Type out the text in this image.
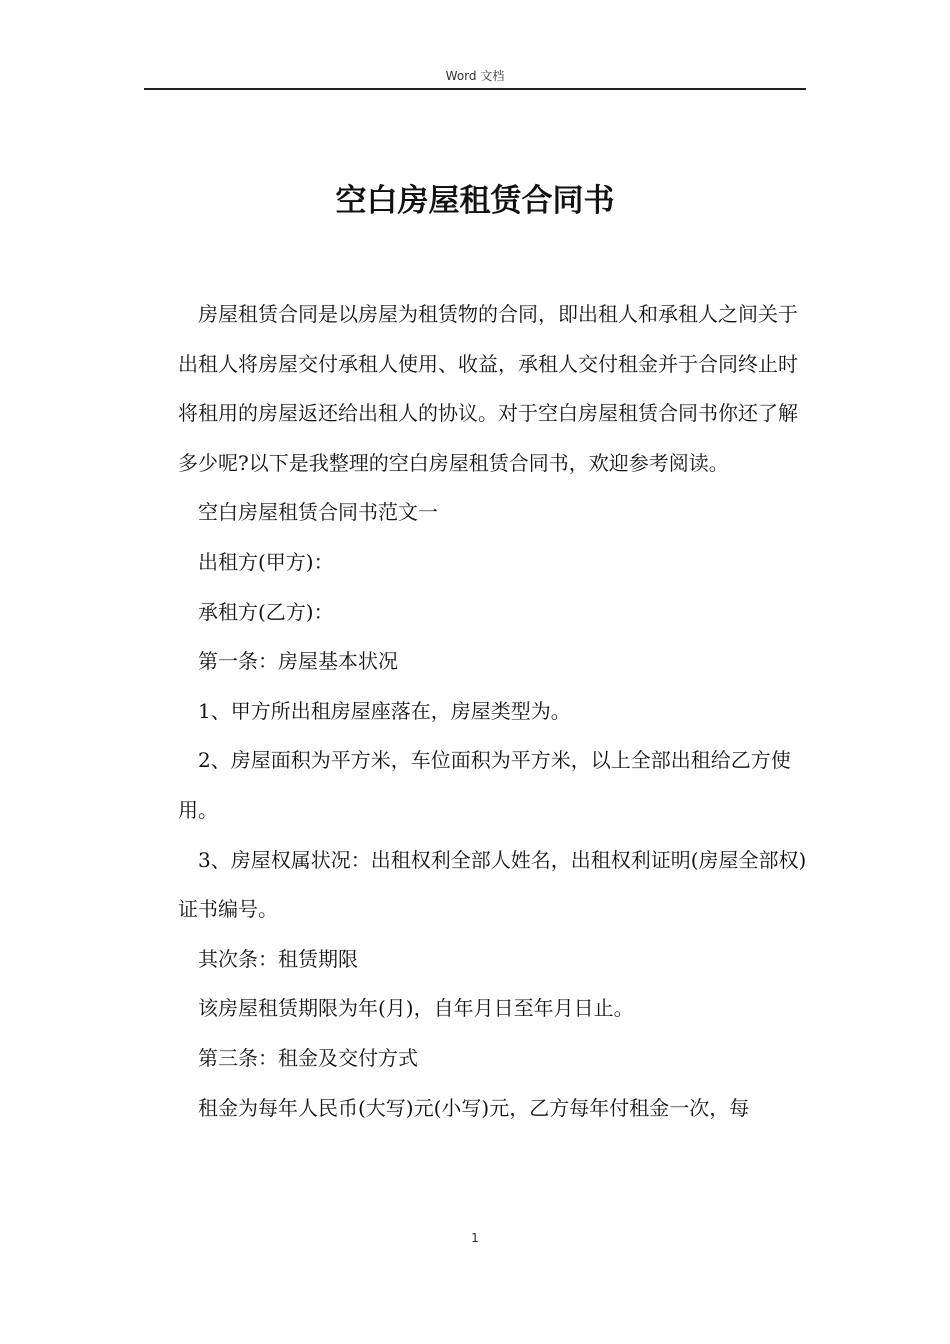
Word 文档
空白房屋租赁合同书

房屋租赁合同是以房屋为租赁物的合同，即出租人和承租人之间关于出租人将房屋交付承租人使用、收益，承租人交付租金并于合同终止时将租用的房屋返还给出租人的协议。对于空白房屋租赁合同书你还了解多少呢?以下是我整理的空白房屋租赁合同书，欢迎参考阅读。

空白房屋租赁合同书范文一

出租方(甲方)：

承租方(乙方)：

第一条：房屋基本状况

1、甲方所出租房屋座落在，房屋类型为。

2、房屋面积为平方米，车位面积为平方米，以上全部出租给乙方使用。

3、房屋权属状况：出租权利全部人姓名，出租权利证明(房屋全部权)证书编号。

其次条：租赁期限

该房屋租赁期限为年(月)，自年月日至年月日止。

第三条：租金及交付方式

租金为每年人民币(大写)元(小写)元，乙方每年付租金一次，每

1
